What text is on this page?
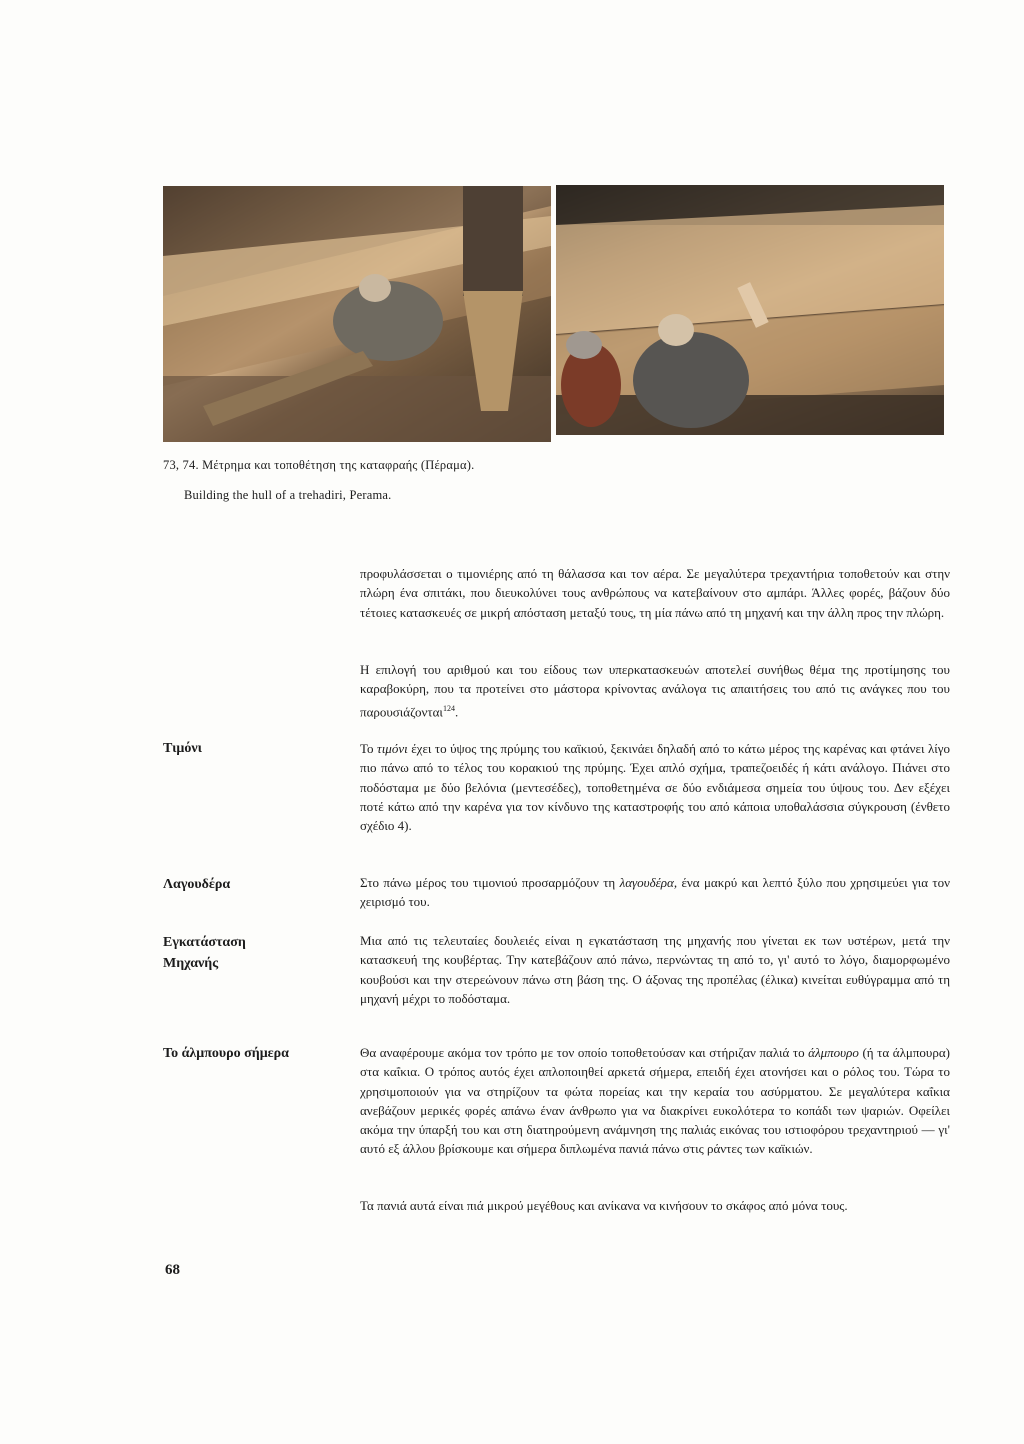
73, 74. Μέτρημα και τοποθέτηση της καταφραής (Πέραμα).
Building the hull of a trehadiri, Perama.

προφυλάσσεται ο τιμονιέρης από τη θάλασσα και τον αέρα. Σε μεγαλύτερα τρεχαντήρια τοποθετούν και στην πλώρη ένα σπιτάκι, που διευκολύνει τους ανθρώπους να κατεβαίνουν στο αμπάρι. Άλλες φορές, βάζουν δύο τέτοιες κατασκευές σε μικρή απόσταση μεταξύ τους, τη μία πάνω από τη μηχανή και την άλλη προς την πλώρη.

Η επιλογή του αριθμού και του είδους των υπερκατασκευών αποτελεί συνήθως θέμα της προτίμησης του καραβοκύρη, που τα προτείνει στο μάστορα κρίνοντας ανάλογα τις απαιτήσεις του από τις ανάγκες που του παρουσιάζονται$^{124}$.

Τιμόνι	Το τιμόνι έχει το ύψος της πρύμης του καϊκιού, ξεκινάει δηλαδή από το κάτω μέρος της καρένας και φτάνει λίγο πιο πάνω από το τέλος του κορακιού της πρύμης. Έχει απλό σχήμα, τραπεζοειδές ή κάτι ανάλογο. Πιάνει στο ποδόσταμα με δύο βελόνια (μεντεσέδες), τοποθετημένα σε δύο ενδιάμεσα σημεία του ύψους του. Δεν εξέχει ποτέ κάτω από την καρένα για τον κίνδυνο της καταστροφής του από κάποια υποθαλάσσια σύγκρουση (ένθετο σχέδιο 4).

Λαγουδέρα	Στο πάνω μέρος του τιμονιού προσαρμόζουν τη λαγουδέρα, ένα μακρύ και λεπτό ξύλο που χρησιμεύει για τον χειρισμό του.

Εγκατάσταση
Μηχανής

Μια από τις τελευταίες δουλειές είναι η εγκατάσταση της μηχανής που γίνεται εκ των υστέρων, μετά την κατασκευή της κουβέρτας. Την κατεβάζουν από πάνω, περνώντας τη από το, γι' αυτό το λόγο, διαμορφωμένο κουβούσι και την στερεώνουν πάνω στη βάση της. Ο άξονας της προπέλας (έλικα) κινείται ευθύγραμμα από τη μηχανή μέχρι το ποδόσταμα.

Το άλμπουρο σήμερα	Θα αναφέρουμε ακόμα τον τρόπο με τον οποίο τοποθετούσαν και στήριζαν παλιά το άλμπουρο (ή τα άλμπουρα) στα καΐκια. Ο τρόπος αυτός έχει απλοποιηθεί αρκετά σήμερα, επειδή έχει ατονήσει και ο ρόλος του. Τώρα το χρησιμοποιούν για να στηρίζουν τα φώτα πορείας και την κεραία του ασύρματου. Σε μεγαλύτερα καΐκια ανεβάζουν μερικές φορές απάνω έναν άνθρωπο για να διακρίνει ευκολότερα το κοπάδι των ψαριών. Οφείλει ακόμα την ύπαρξή του και στη διατηρούμενη ανάμνηση της παλιάς εικόνας του ιστιοφόρου τρεχαντηριού — γι' αυτό εξ άλλου βρίσκουμε και σήμερα διπλωμένα πανιά πάνω στις ράντες των καϊκιών.

Τα πανιά αυτά είναι πιά μικρού μεγέθους και ανίκανα να κινήσουν το σκάφος από μόνα τους.

68
